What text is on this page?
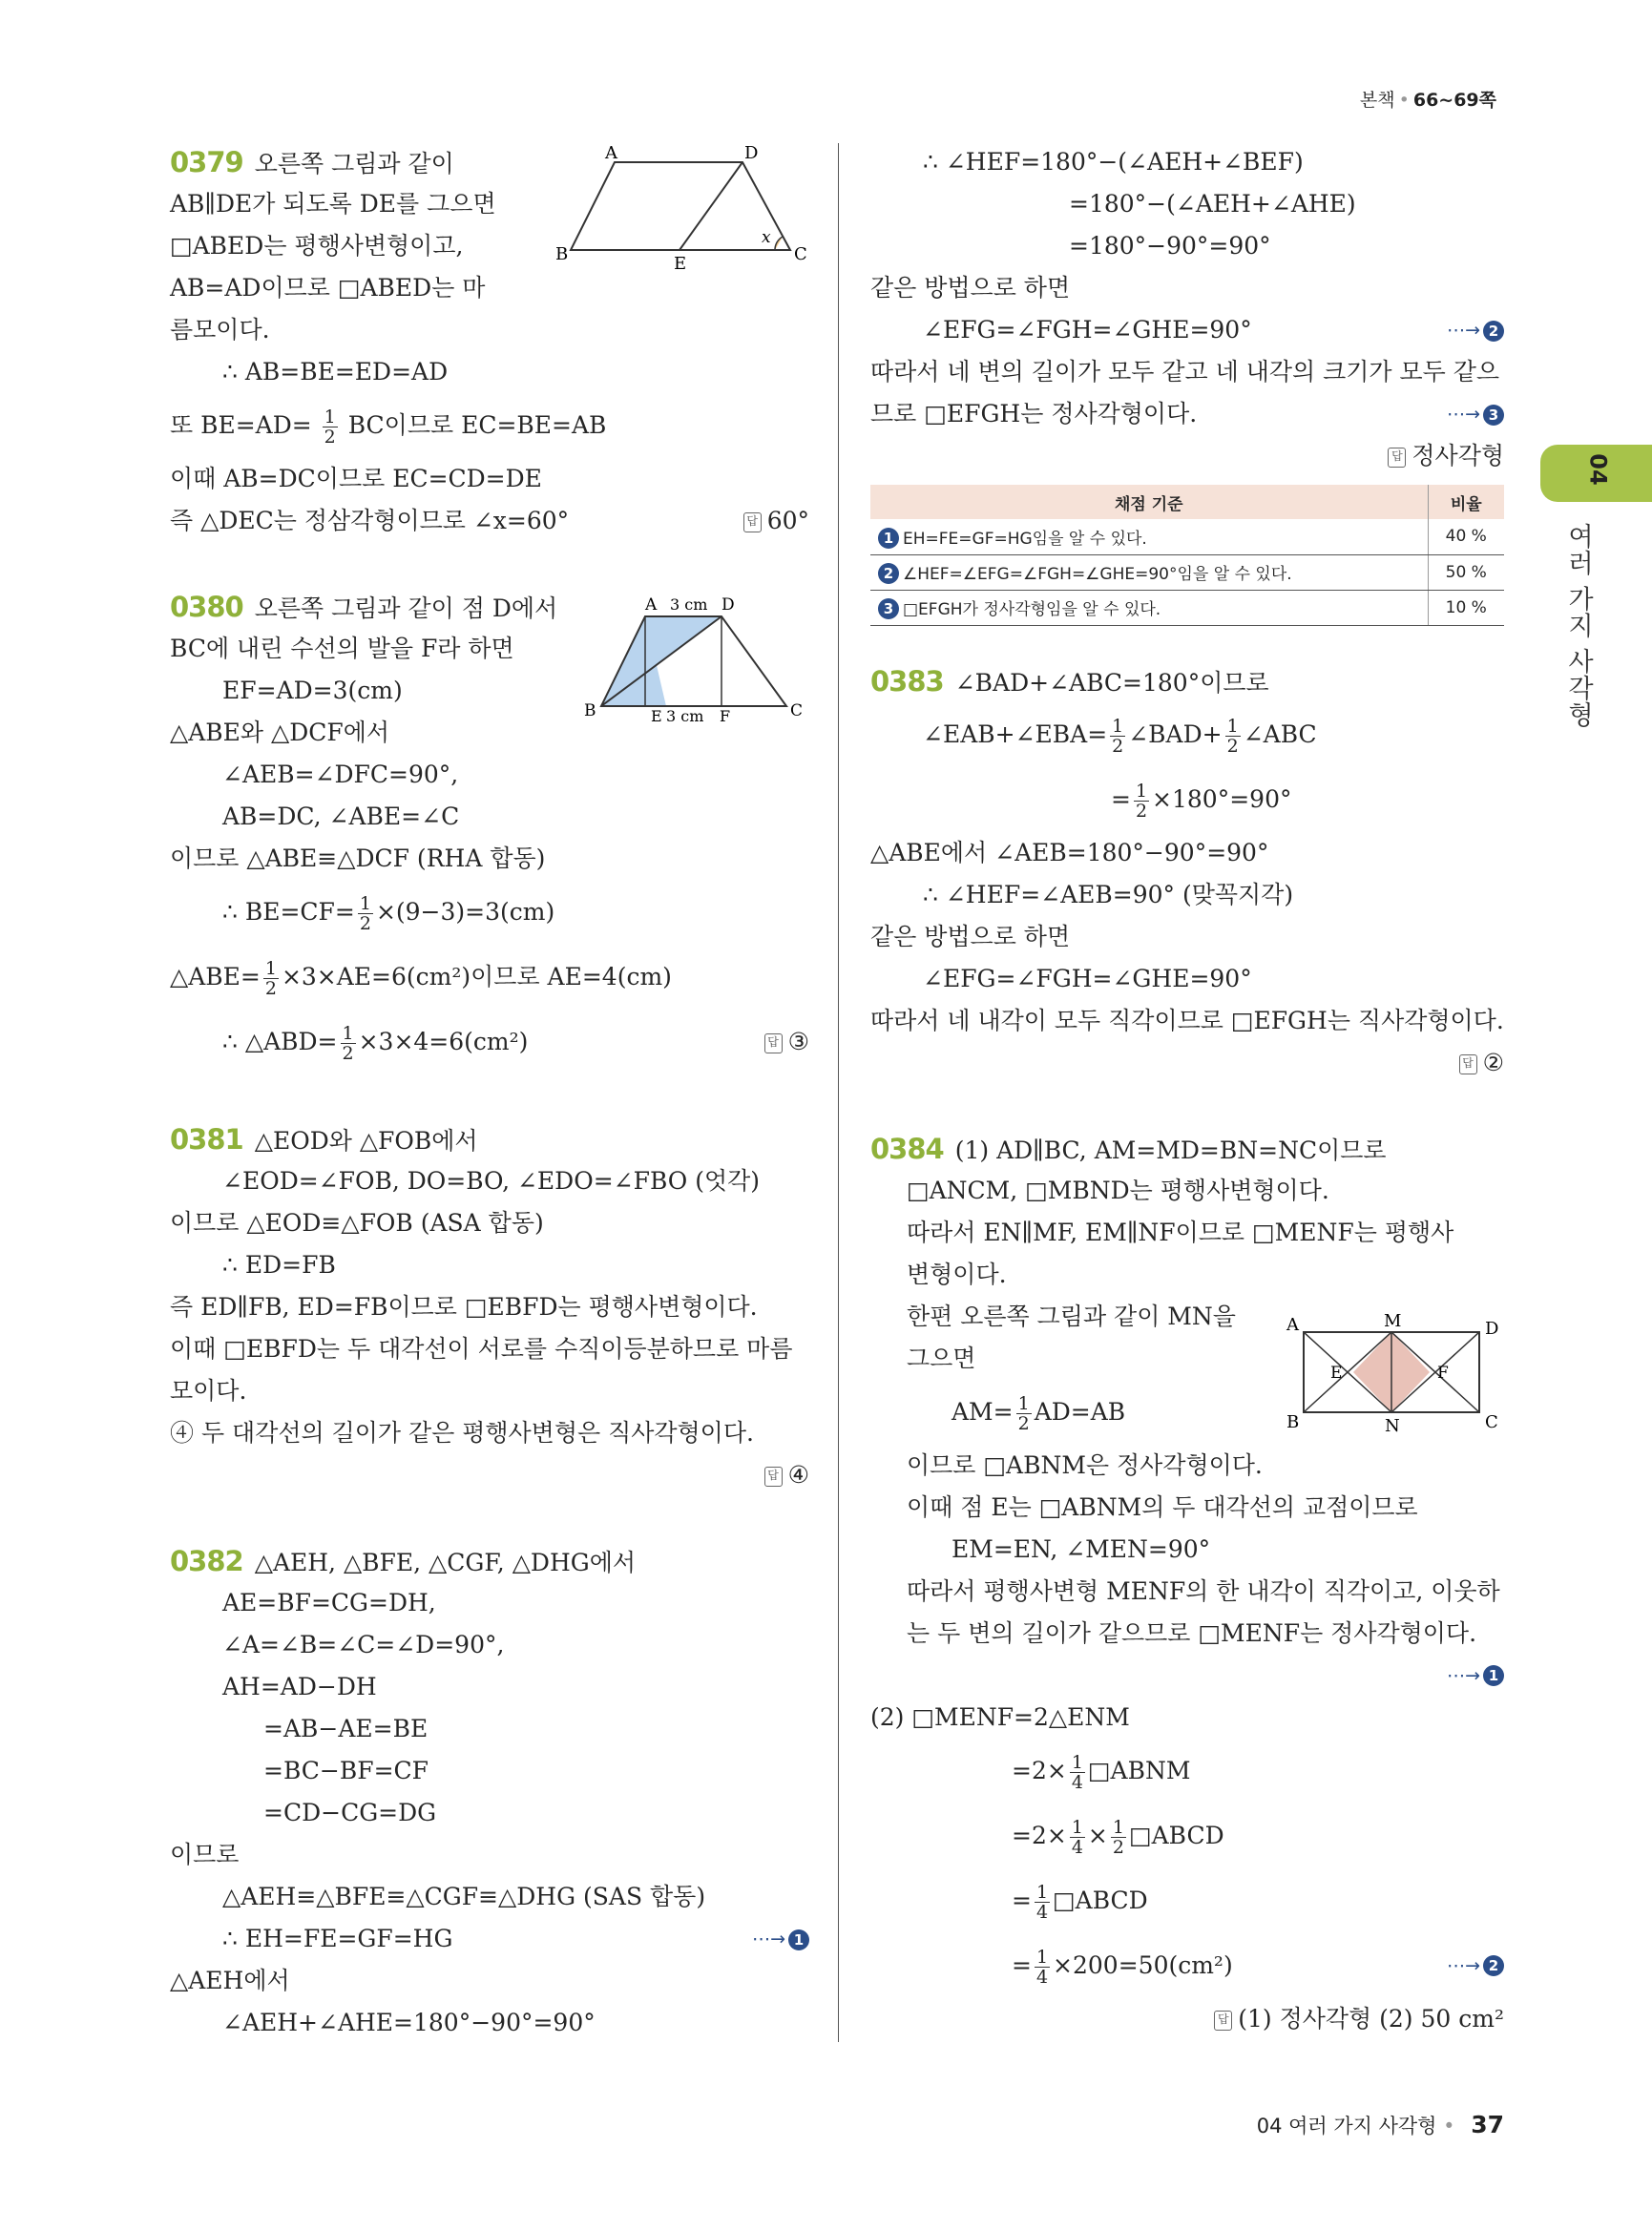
본책 • 66~69쪽
04
여러 가지 사각형
0379 오른쪽 그림과 같이
AB∥DE가 되도록 DE를 그으면
□ABED는 평행사변형이고,
AB=AD이므로 □ABED는 마
름모이다.
∴ AB=BE=ED=AD
또 $BE=AD= \frac{1}{2}$ BC이므로 EC=BE=AB
이때 AB=DC이므로 EC=CD=DE
즉 △DEC는 정삼각형이므로 ∠x=60°	답 60°
0380 오른쪽 그림과 같이 점 D에서
BC에 내린 수선의 발을 F라 하면
EF=AD=3(cm)
△ABE와 △DCF에서
∠AEB=∠DFC=90°,
AB=DC, ∠ABE=∠C
이므로 △ABE≡△DCF (RHA 합동)
∴ $BE=CF= \frac{1}{2} \times(9-3)=3(cm)$
△ABE= $\frac{1}{2} \times 3\times AE=6(cm^2)$이므로 AE=4(cm)
∴ △ABD= $\frac{1}{2} \times 3\times 4=6(cm^2)$	답 ③
0381 △EOD와 △FOB에서
∠EOD=∠FOB, DO=BO, ∠EDO=∠FBO (엇각)
이므로 △EOD≡△FOB (ASA 합동)
∴ ED=FB
즉 ED∥FB, ED=FB이므로 □EBFD는 평행사변형이다.
이때 □EBFD는 두 대각선이 서로를 수직이등분하므로 마름
모이다.
④ 두 대각선의 길이가 같은 평행사변형은 직사각형이다.
답 ④
0382 △AEH, △BFE, △CGF, △DHG에서
AE=BF=CG=DH,
∠A=∠B=∠C=∠D=90°,
AH=AD−DH
=AB−AE=BE
=BC−BF=CF
=CD−CG=DG
이므로
△AEH≡△BFE≡△CGF≡△DHG (SAS 합동)
∴ EH=FE=GF=HG	⋯→ 1
△AEH에서
∠AEH+∠AHE=180°−90°=90°
A	D
B	E	C
x
A 3 cm D
B	E 3 cm F	C
∴ ∠HEF=180°−(∠AEH+∠BEF)
=180°−(∠AEH+∠AHE)
=180°−90°=90°
같은 방법으로 하면
∠EFG=∠FGH=∠GHE=90°	⋯→ 2
따라서 네 변의 길이가 모두 같고 네 내각의 크기가 모두 같으
므로 □EFGH는 정사각형이다.	⋯→ 3
답 정사각형
채점 기준	비율
1 EH=FE=GF=HG임을 알 수 있다.	40 %
2 ∠HEF=∠EFG=∠FGH=∠GHE=90°임을 알 수 있다.	50 %
3 □EFGH가 정사각형임을 알 수 있다.	10 %
0383 ∠BAD+∠ABC=180°이므로
∠EAB+∠EBA= $\frac{1}{2}$ ∠BAD+ $\frac{1}{2}$ ∠ABC
= $\frac{1}{2} \times 180^\circ=90^\circ$
△ABE에서 ∠AEB=180°−90°=90°
∴ ∠HEF=∠AEB=90° (맞꼭지각)
같은 방법으로 하면
∠EFG=∠FGH=∠GHE=90°
따라서 네 내각이 모두 직각이므로 □EFGH는 직사각형이다.
답 ②
0384 (1) AD∥BC, AM=MD=BN=NC이므로
□ANCM, □MBND는 평행사변형이다.
따라서 EN∥MF, EM∥NF이므로 □MENF는 평행사
변형이다.
한편 오른쪽 그림과 같이 MN을
그으면
$AM= \frac{1}{2} AD=AB$
이므로 □ABNM은 정사각형이다.
이때 점 E는 □ABNM의 두 대각선의 교점이므로
EM=EN, ∠MEN=90°
따라서 평행사변형 MENF의 한 내각이 직각이고, 이웃하
는 두 변의 길이가 같으므로 □MENF는 정사각형이다.
⋯→ 1
(2) □MENF=2△ENM
$=2\times \frac{1}{4}$ □ABNM
$=2\times \frac{1}{4} \times \frac{1}{2}$ □ABCD
= $\frac{1}{4}$ □ABCD
= $\frac{1}{4} \times 200=50(cm^2)$	⋯→ 2
답 (1) 정사각형 (2) 50 cm²
A	M	D
E	F
B	N	C
04 여러 가지 사각형 • 37
